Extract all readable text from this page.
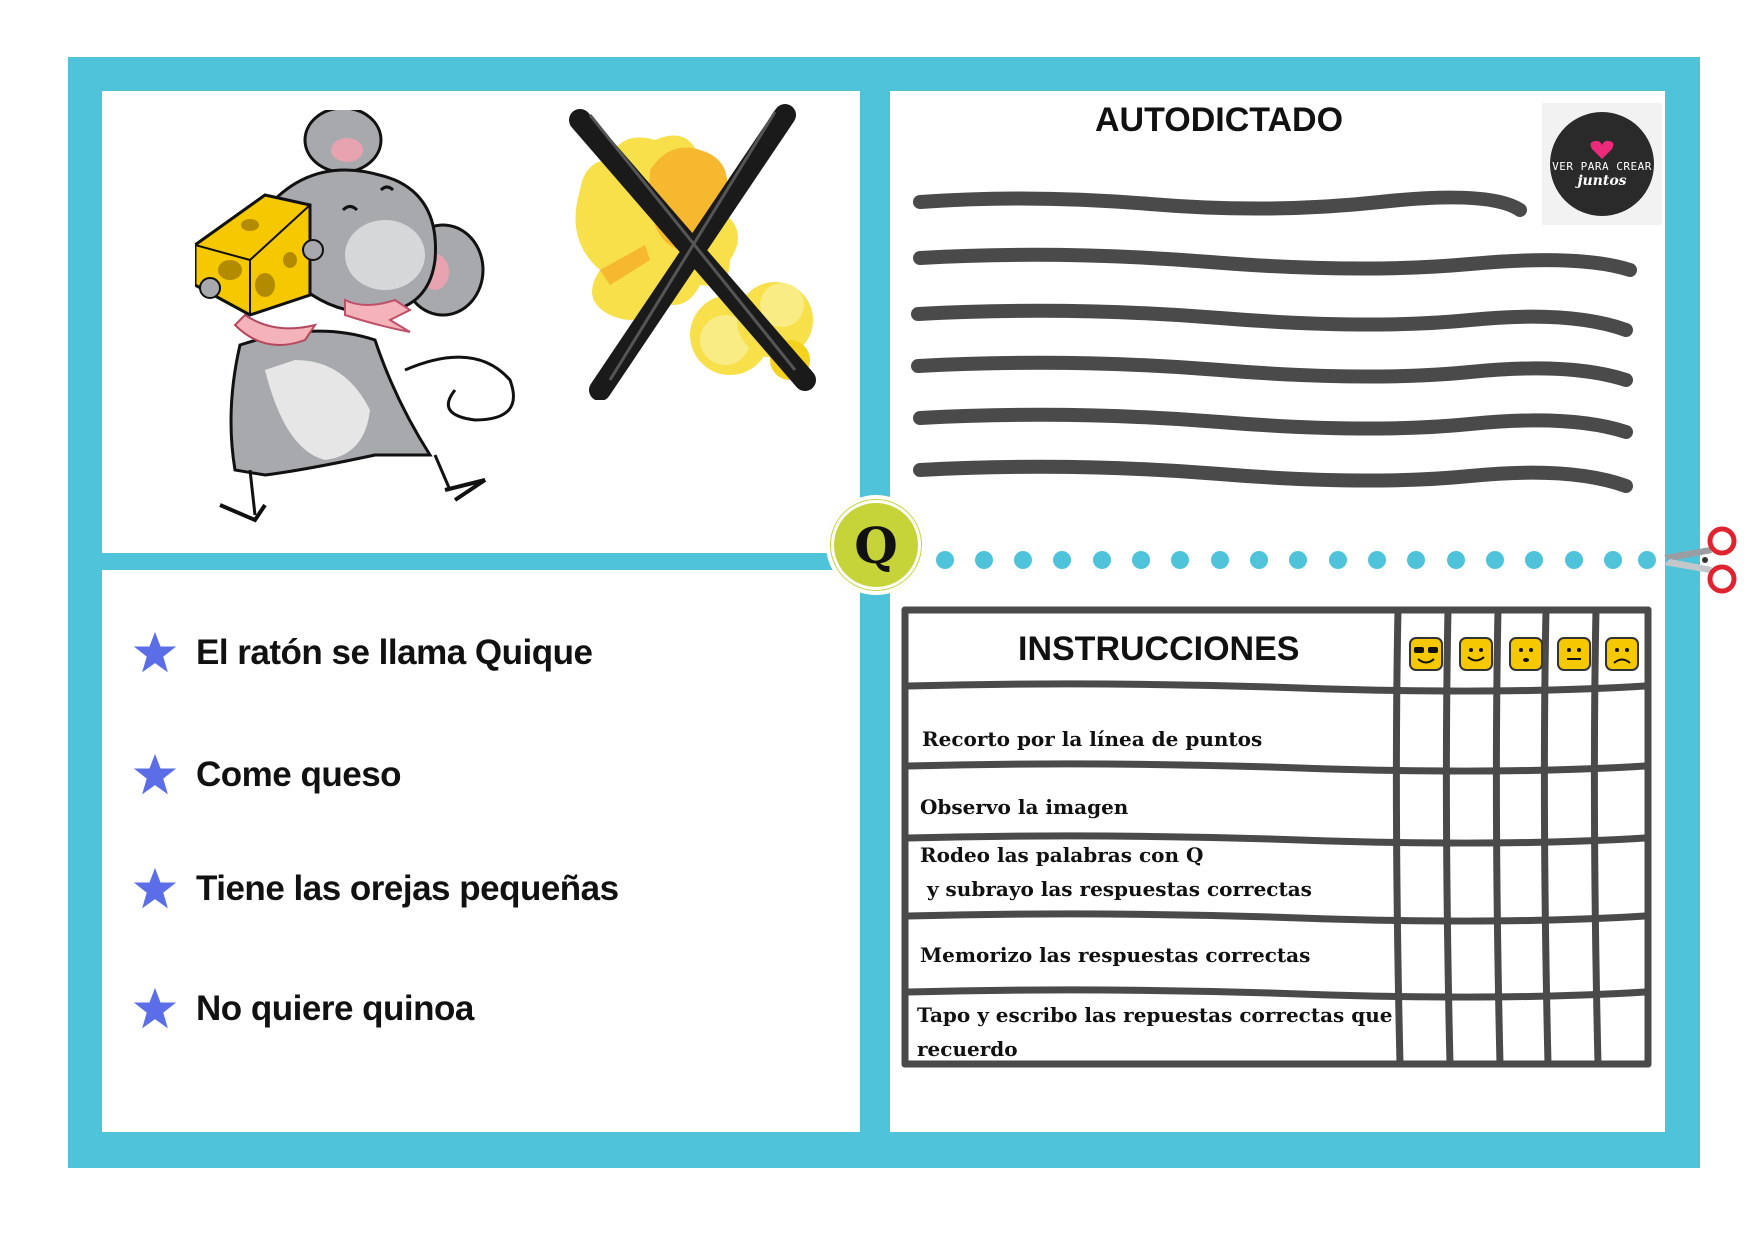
Q
El ratón se llama Quique
Come queso
Tiene las orejas pequeñas
No quiere quinoa
AUTODICTADO
VER PARA CREAR
juntos
INSTRUCCIONES
Recorto por la línea de puntos
Observo la imagen
Rodeo las palabras con Q
y subrayo las respuestas correctas
Memorizo las respuestas correctas
Tapo y escribo las repuestas correctas que
recuerdo
